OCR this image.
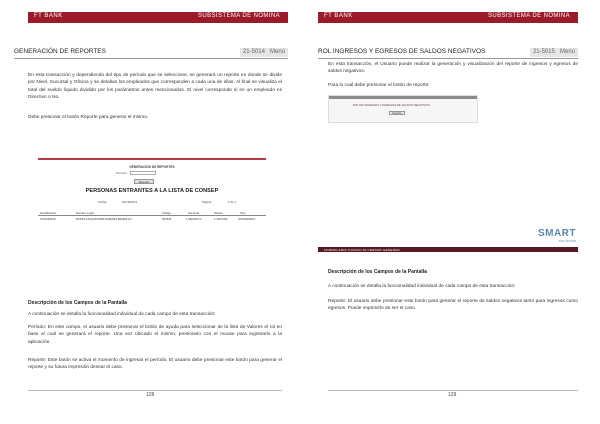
FT BANK	SUBSISTEMA DE NÓMINA
GENERACIÓN DE REPORTES	21-5014 Menú

En esta transacción y dependiendo del tipo de período que se seleccione, se generará un reporte en donde se divide por Nivel, Sucursal y Oficina y se detallan los empleados que corresponden a cada una de ellas. Al final se visualiza el total del sueldo líquido dividido por los parámetros antes mencionados. El nivel corresponde si es un empleado es Directivo o No.

Debe presionar el botón Reporte para generar el mismo.

GENERACIÓN DE REPORTES
Período
Reporte
PERSONAS ENTRANTES A LA LISTA DE CONSEP
Fecha:	02/10/2013	Página	1 de 1
Identificación	Nombre Legal	Código	Sucursal	Oficina	Tipo
0704165440	MONICA ALEXANDRA ZAMORA BANDILLO	007506	1 REGION 1	1 OFICINA	HONORARIO
Descripción de los Campos de la Pantalla

A continuación se detalla la funcionalidad individual de cada campo de esta transacción:

Período: En este campo, el usuario debe presionar el botón de ayuda para seleccionar de la lista de Valores el rol en base al cual se generará el reporte. Una vez ubicado el mismo, presionelo con el mouse para ingresarlo a la aplicación.

Reporte: Este botón se activa el momento de ingresar el período. El usuario debe presionar este botón para generar el reporte y su futura impresión desear el caso.

128
FT BANK	SUBSISTEMA DE NÓMINA
ROL INGRESOS Y EGRESOS DE SALDOS NEGATIVOS	21-5015 Menú

En esta transacción, el Usuario puede realizar la generación y visualización del reporte de ingresos y egresos de saldos negativos.

Para lo cual debe presionar el botón de reporte:

ROL DE INGRESOS Y EGRESOS DE SALDOS NEGATIVOS
Reporte
SMART
SOLUTIONS
FORMULARIO CONSULTA CERRAR GENERAR
Descripción de los Campos de la Pantalla

A continuación se detalla la funcionalidad individual de cada campo de esta transacción:

Reporte: El usuario debe presionar este botón para generar el reporte de saldos negativos tanto para ingresos como egresos. Puede imprimirlo de ser el caso.

129
